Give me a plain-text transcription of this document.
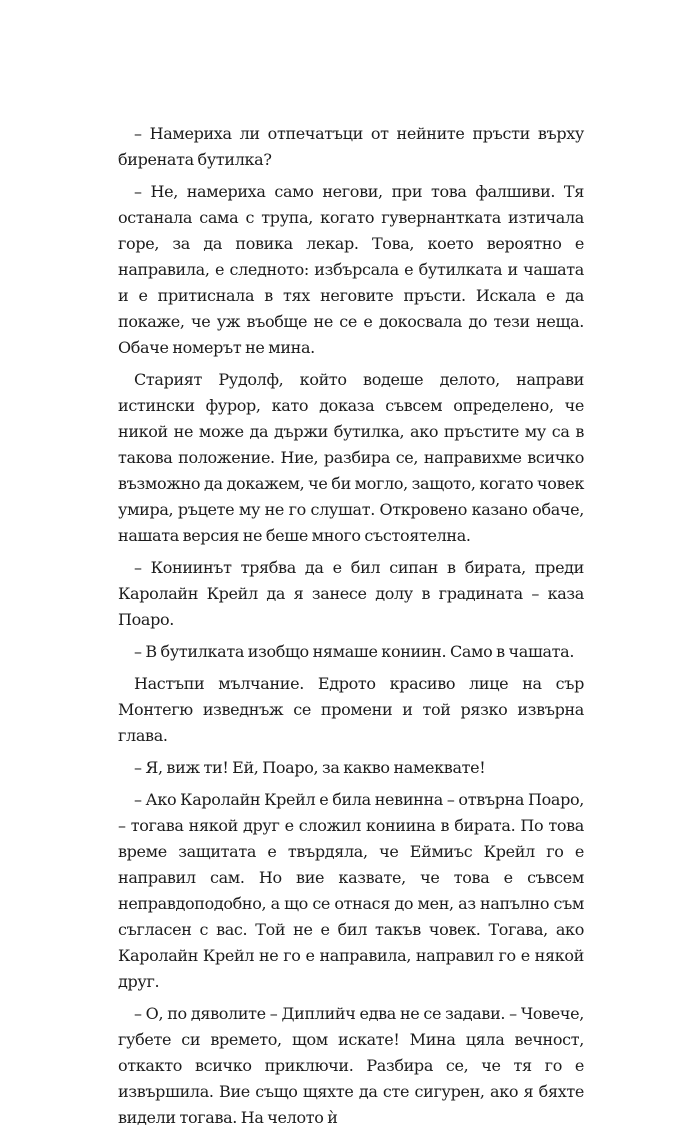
– Намериха ли отпечатъци от нейните пръсти върху бирената бутилка?

– Не, намериха само негови, при това фалшиви. Тя останала сама с трупа, когато гувернантката изтичала горе, за да повика лекар. Това, което вероятно е направила, е следното: избърсала е бутилката и чашата и е притиснала в тях неговите пръсти. Искала е да покаже, че уж въобще не се е докосвала до тези неща. Обаче номерът не мина.

Старият Рудолф, който водеше делото, направи истински фурор, като доказа съвсем определено, че никой не може да държи бутилка, ако пръстите му са в такова положение. Ние, разбира се, направихме всичко възможно да докажем, че би могло, защото, когато човек умира, ръцете му не го слушат. Откровено казано обаче, нашата версия не беше много състоятелна.

– Кониинът трябва да е бил сипан в бирата, преди Каролайн Крейл да я занесе долу в градината – каза Поаро.

– В бутилката изобщо нямаше кониин. Само в чашата.

Настъпи мълчание. Едрото красиво лице на сър Монтегю изведнъж се промени и той рязко извърна глава.

– Я, виж ти! Ей, Поаро, за какво намеквате!

– Ако Каролайн Крейл е била невинна – отвърна Поаро, – тогава някой друг е сложил кониина в бирата. По това време защитата е твърдяла, че Еймиъс Крейл го е направил сам. Но вие казвате, че това е съвсем неправдоподобно, а що се отнася до мен, аз напълно съм съгласен с вас. Той не е бил такъв човек. Тогава, ако Каролайн Крейл не го е направила, направил го е някой друг.

– О, по дяволите – Диплийч едва не се задави. – Човече, губете си времето, щом искате! Мина цяла вечност, откакто всичко приключи. Разбира се, че тя го е извършила. Вие също щяхте да сте сигурен, ако я бяхте видели тогава. На челото ѝ
